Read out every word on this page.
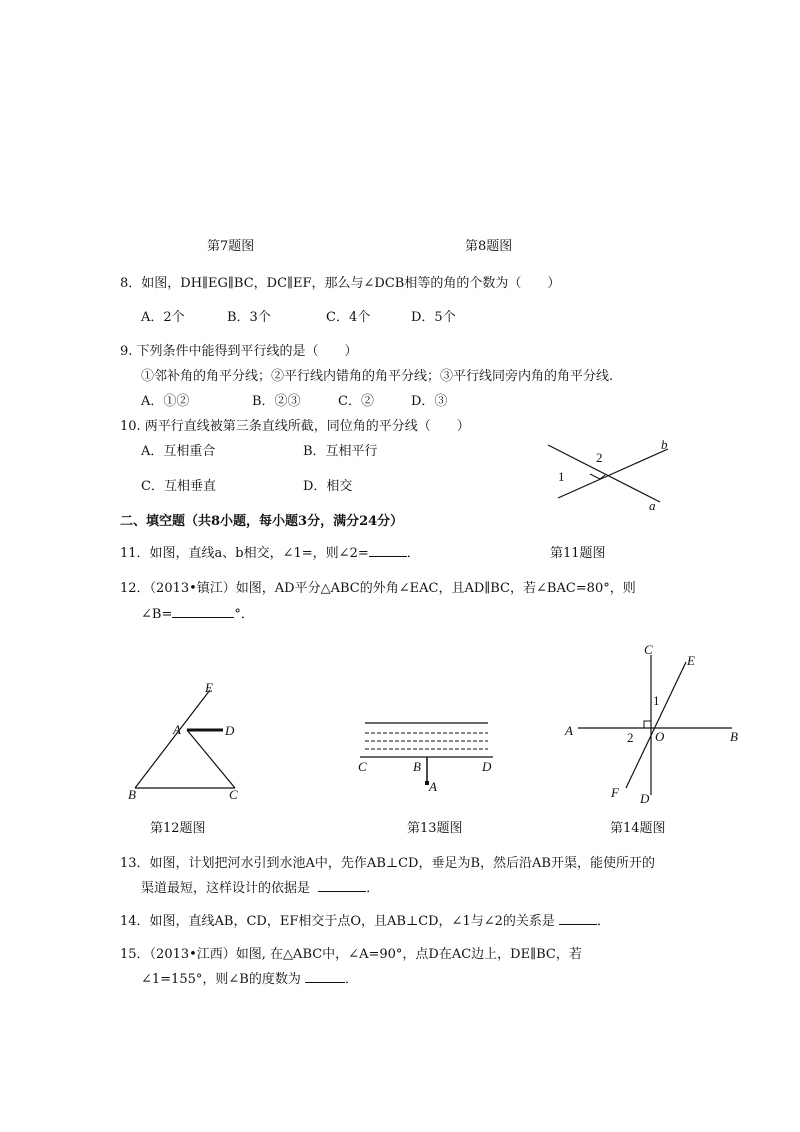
第7题图	第8题图
8．如图，DH∥EG∥BC，DC∥EF，那么与∠DCB相等的角的个数为（　　）
A．2个	B．3个	C．4个	D．5个
9. 下列条件中能得到平行线的是（　　）
①邻补角的角平分线；②平行线内错角的角平分线；③平行线同旁内角的角平分线.
A．①②	B．②③	C．②	D．③
10. 两平行直线被第三条直线所截，同位角的平分线（　　）
A．互相重合	B．互相平行
C．互相垂直	D．相交
1
2
a
b
二、填空题（共8小题，每小题3分，满分24分）
11．如图，直线a、b相交，∠1=，则∠2=	．	第11题图
12．（2013•镇江）如图，AD平分△ABC的外角∠EAC，且AD∥BC，若∠BAC=80°，则
∠B=	°．
E
A	D
B	C
C	B	D
A
C
E
1
A	2 O	B
F D
第12题图	第13题图	第14题图
13．如图，计划把河水引到水池A中，先作AB⊥CD，垂足为B，然后沿AB开渠，能使所开的
渠道最短，这样设计的依据是	．
14．如图，直线AB，CD，EF相交于点O，且AB⊥CD，∠1与∠2的关系是	．
15．（2013•江西）如图, 在△ABC中，∠A=90°，点D在AC边上，DE∥BC，若
∠1=155°，则∠B的度数为	．
